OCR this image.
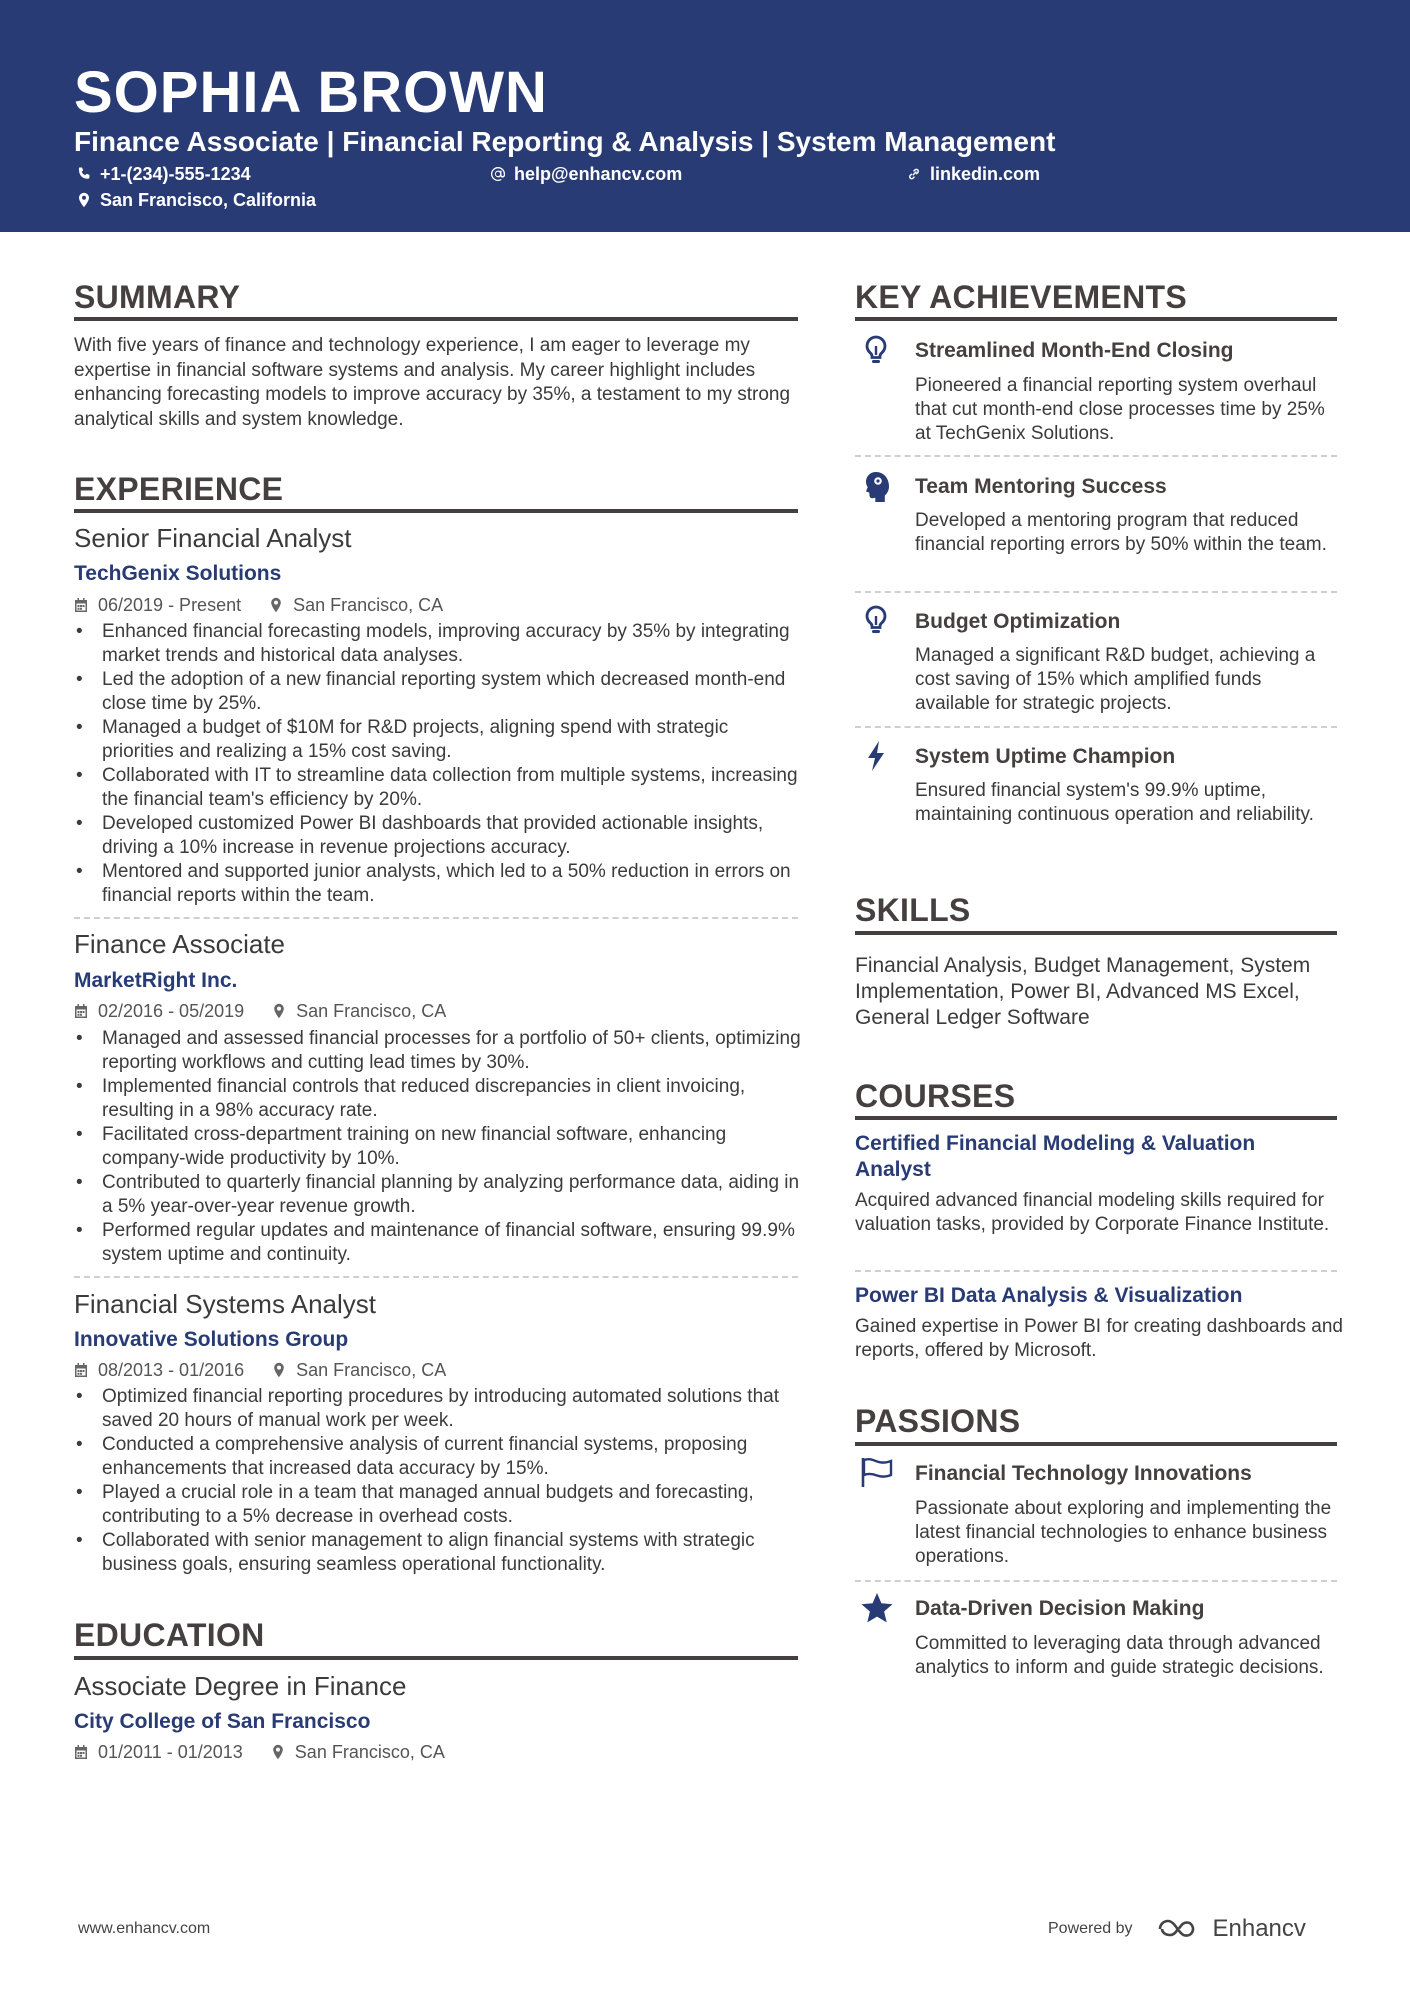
SOPHIA BROWN
Finance Associate | Financial Reporting & Analysis | System Management
+1-(234)-555-1234	help@enhancv.com	linkedin.com
San Francisco, California
SUMMARY
With five years of finance and technology experience, I am eager to leverage my expertise in financial software systems and analysis. My career highlight includes enhancing forecasting models to improve accuracy by 35%, a testament to my strong analytical skills and system knowledge.
EXPERIENCE
Senior Financial Analyst
TechGenix Solutions
06/2019 - Present	San Francisco, CA
• Enhanced financial forecasting models, improving accuracy by 35% by integrating market trends and historical data analyses.
• Led the adoption of a new financial reporting system which decreased month-end close time by 25%.
• Managed a budget of $10M for R&D projects, aligning spend with strategic priorities and realizing a 15% cost saving.
• Collaborated with IT to streamline data collection from multiple systems, increasing the financial team's efficiency by 20%.
• Developed customized Power BI dashboards that provided actionable insights, driving a 10% increase in revenue projections accuracy.
• Mentored and supported junior analysts, which led to a 50% reduction in errors on financial reports within the team.
Finance Associate
MarketRight Inc.
02/2016 - 05/2019	San Francisco, CA
• Managed and assessed financial processes for a portfolio of 50+ clients, optimizing reporting workflows and cutting lead times by 30%.
• Implemented financial controls that reduced discrepancies in client invoicing, resulting in a 98% accuracy rate.
• Facilitated cross-department training on new financial software, enhancing company-wide productivity by 10%.
• Contributed to quarterly financial planning by analyzing performance data, aiding in a 5% year-over-year revenue growth.
• Performed regular updates and maintenance of financial software, ensuring 99.9% system uptime and continuity.
Financial Systems Analyst
Innovative Solutions Group
08/2013 - 01/2016	San Francisco, CA
• Optimized financial reporting procedures by introducing automated solutions that saved 20 hours of manual work per week.
• Conducted a comprehensive analysis of current financial systems, proposing enhancements that increased data accuracy by 15%.
• Played a crucial role in a team that managed annual budgets and forecasting, contributing to a 5% decrease in overhead costs.
• Collaborated with senior management to align financial systems with strategic business goals, ensuring seamless operational functionality.
EDUCATION
Associate Degree in Finance
City College of San Francisco
01/2011 - 01/2013	San Francisco, CA
KEY ACHIEVEMENTS
Streamlined Month-End Closing
Pioneered a financial reporting system overhaul that cut month-end close processes time by 25% at TechGenix Solutions.
Team Mentoring Success
Developed a mentoring program that reduced financial reporting errors by 50% within the team.
Budget Optimization
Managed a significant R&D budget, achieving a cost saving of 15% which amplified funds available for strategic projects.
System Uptime Champion
Ensured financial system's 99.9% uptime, maintaining continuous operation and reliability.
SKILLS
Financial Analysis, Budget Management, System Implementation, Power BI, Advanced MS Excel, General Ledger Software
COURSES
Certified Financial Modeling & Valuation Analyst
Acquired advanced financial modeling skills required for valuation tasks, provided by Corporate Finance Institute.
Power BI Data Analysis & Visualization
Gained expertise in Power BI for creating dashboards and reports, offered by Microsoft.
PASSIONS
Financial Technology Innovations
Passionate about exploring and implementing the latest financial technologies to enhance business operations.
Data-Driven Decision Making
Committed to leveraging data through advanced analytics to inform and guide strategic decisions.
www.enhancv.com	Powered by	Enhancv
